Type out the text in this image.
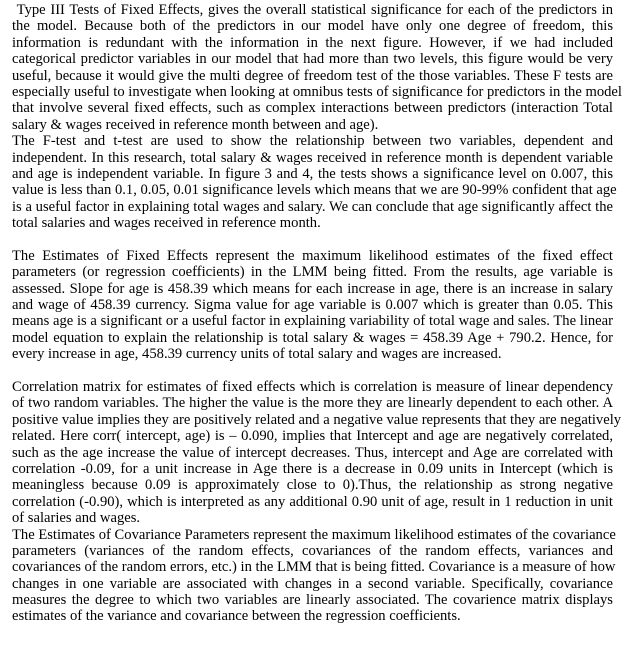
Type III Tests of Fixed Effects, gives the overall statistical significance for each of the predictors in
the model. Because both of the predictors in our model have only one degree of freedom, this
information is redundant with the information in the next figure. However, if we had included
categorical predictor variables in our model that had more than two levels, this figure would be very
useful, because it would give the multi degree of freedom test of the those variables. These F tests are
especially useful to investigate when looking at omnibus tests of significance for predictors in the model
that involve several fixed effects, such as complex interactions between predictors (interaction Total
salary & wages received in reference month between and age).
The F-test and t-test are used to show the relationship between two variables, dependent and
independent. In this research, total salary & wages received in reference month is dependent variable
and age is independent variable. In figure 3 and 4, the tests shows a significance level on 0.007, this
value is less than 0.1, 0.05, 0.01 significance levels which means that we are 90-99% confident that age
is a useful factor in explaining total wages and salary. We can conclude that age significantly affect the
total salaries and wages received in reference month.
The Estimates of Fixed Effects represent the maximum likelihood estimates of the fixed effect
parameters (or regression coefficients) in the LMM being fitted. From the results, age variable is
assessed. Slope for age is 458.39 which means for each increase in age, there is an increase in salary
and wage of 458.39 currency. Sigma value for age variable is 0.007 which is greater than 0.05. This
means age is a significant or a useful factor in explaining variability of total wage and sales. The linear
model equation to explain the relationship is total salary & wages = 458.39 Age + 790.2. Hence, for
every increase in age, 458.39 currency units of total salary and wages are increased.
Correlation matrix for estimates of fixed effects which is correlation is measure of linear dependency
of two random variables. The higher the value is the more they are linearly dependent to each other. A
positive value implies they are positively related and a negative value represents that they are negatively
related. Here corr( intercept, age) is – 0.090, implies that Intercept and age are negatively correlated,
such as the age increase the value of intercept decreases. Thus, intercept and Age are correlated with
correlation -0.09, for a unit increase in Age there is a decrease in 0.09 units in Intercept (which is
meaningless because 0.09 is approximately close to 0).Thus, the relationship as strong negative
correlation (-0.90), which is interpreted as any additional 0.90 unit of age, result in 1 reduction in unit
of salaries and wages.
The Estimates of Covariance Parameters represent the maximum likelihood estimates of the covariance
parameters (variances of the random effects, covariances of the random effects, variances and
covariances of the random errors, etc.) in the LMM that is being fitted. Covariance is a measure of how
changes in one variable are associated with changes in a second variable. Specifically, covariance
measures the degree to which two variables are linearly associated. The covarience matrix displays
estimates of the variance and covariance between the regression coefficients.
